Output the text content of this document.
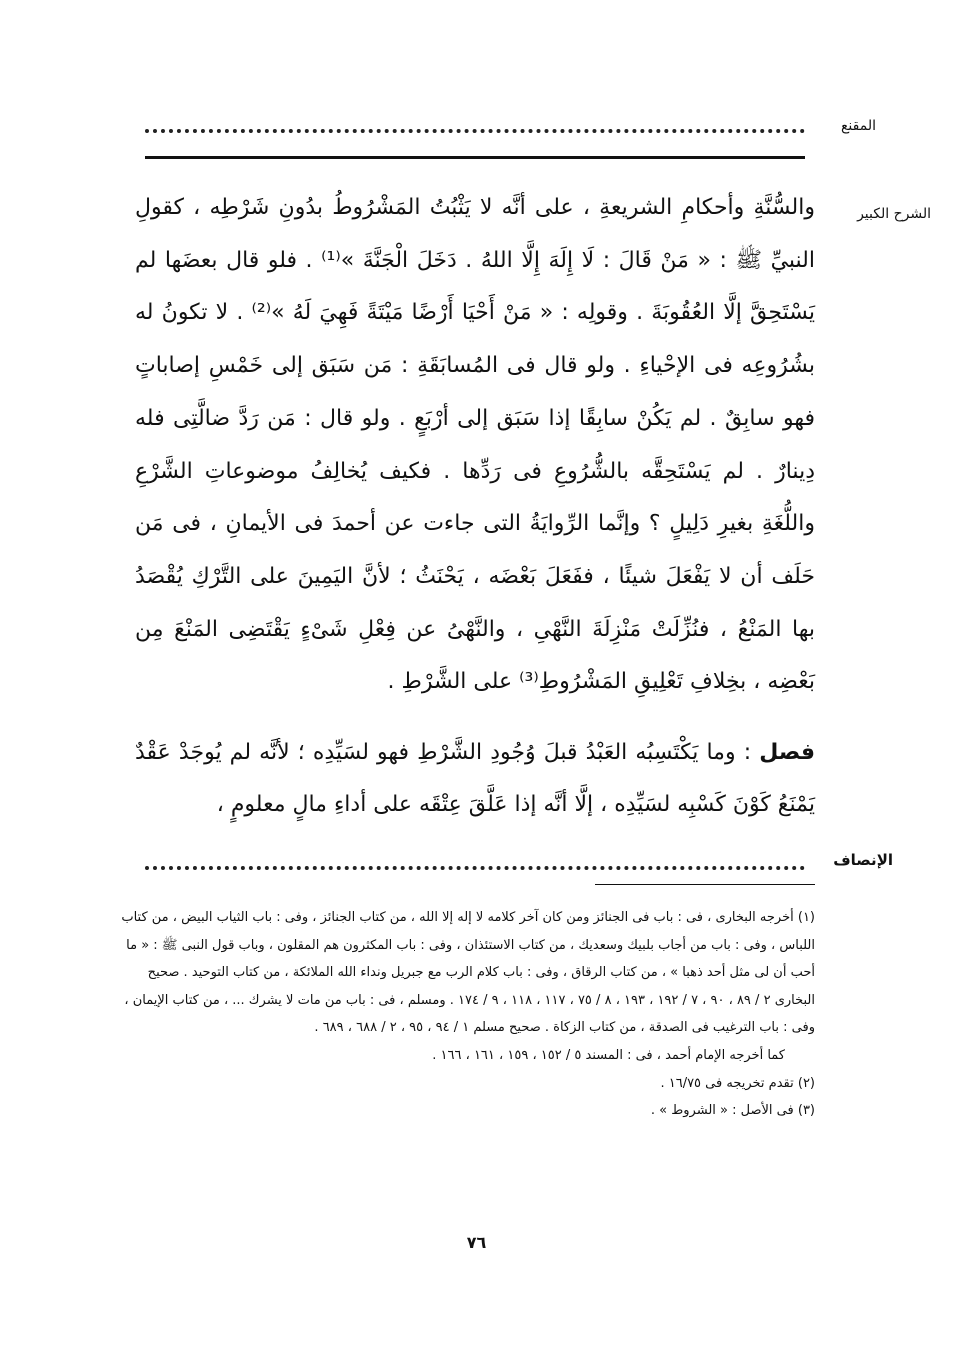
المقنع
الشرح الكبير

والسُّنَّةِ وأحكامِ الشريعةِ ، على أنَّه لا يَثْبُتُ المَشْرُوطُ بدُونِ شَرْطِه ، كقولِ النبيِّ ﷺ : « مَنْ قَالَ : لَا إِلَهَ إِلَّا اللهُ . دَخَلَ الْجَنَّةَ »⁽¹⁾ . فلو قال بعضَها لم يَسْتَحِقَّ إلَّا العُقُوبَةَ . وقولِه : « مَنْ أَحْيَا أَرْضًا مَيْتَةً فَهِيَ لَهُ »⁽²⁾ . لا تكونُ له بشُرُوعِه فى الإحْياءِ . ولو قال فى المُسابَقَةِ : مَن سَبَق إلى خَمْسِ إصاباتٍ فهو سابِقٌ . لم يَكُنْ سابِقًا إذا سَبَق إلى أرْبَعٍ . ولو قال : مَن رَدَّ ضالَّتِى فله دِينارٌ . لم يَسْتَحِقَّه بالشُّرُوعِ فى رَدِّها . فكيف يُخالِفُ موضوعاتِ الشَّرْعِ واللُّغَةِ بغيرِ دَلِيلٍ ؟ وإنَّما الرِّوايَةُ التى جاءت عن أحمدَ فى الأيمانِ ، فى مَن حَلَف أن لا يَفْعَلَ شيئًا ، ففَعَلَ بَعْضَه ، يَحْنَثُ ؛ لأنَّ اليَمِينَ على التَّرْكِ يُقْصَدُ بها المَنْعُ ، فنُزِّلَتْ مَنْزِلَةَ النَّهْىِ ، والنَّهْىُ عن فِعْلِ شَىْءٍ يَقْتَضِى المَنْعَ مِن بَعْضِه ، بخِلافِ تَعْلِيقِ المَشْرُوطِ⁽³⁾ على الشَّرْطِ .

فصل : وما يَكْتَسِبُه العَبْدُ قبلَ وُجُودِ الشَّرْطِ فهو لسَيِّدِه ؛ لأنَّه لم يُوجَدْ عَقْدٌ يَمْنَعُ كَوْنَ كَسْبِه لسَيِّدِه ، إلَّا أنَّه إذا عَلَّقَ عِتْقَه على أداءِ مالٍ معلومٍ ،
الإنصاف

(١) أخرجه البخارى ، فى : باب فى الجنائز ومن كان آخر كلامه لا إله إلا الله ، من كتاب الجنائز ، وفى : باب الثياب البيض ، من كتاب اللباس ، وفى : باب من أجاب بلبيك وسعديك ، من كتاب الاستئذان ، وفى : باب المكثرون هم المقلون ، وباب قول النبى ﷺ : « ما أحب أن لى مثل أحد ذهبا » ، من كتاب الرقاق ، وفى : باب كلام الرب مع جبريل ونداء الله الملائكة ، من كتاب التوحيد . صحيح البخارى ٢ / ٨٩ ، ٩٠ ، ٧ / ١٩٢ ، ١٩٣ ، ٨ / ٧٥ ، ١١٧ ، ١١٨ ، ٩ / ١٧٤ . ومسلم ، فى : باب من مات لا يشرك ... ، من كتاب الإيمان ، وفى : باب الترغيب فى الصدقة ، من كتاب الزكاة . صحيح مسلم ١ / ٩٤ ، ٩٥ ، ٢ / ٦٨٨ ، ٦٨٩ .

كما أخرجه الإمام أحمد ، فى : المسند ٥ / ١٥٢ ، ١٥٩ ، ١٦١ ، ١٦٦ .

(٢) تقدم تخريجه فى ١٦/٧٥ .

(٣) فى الأصل : « الشروط » .

٧٦
